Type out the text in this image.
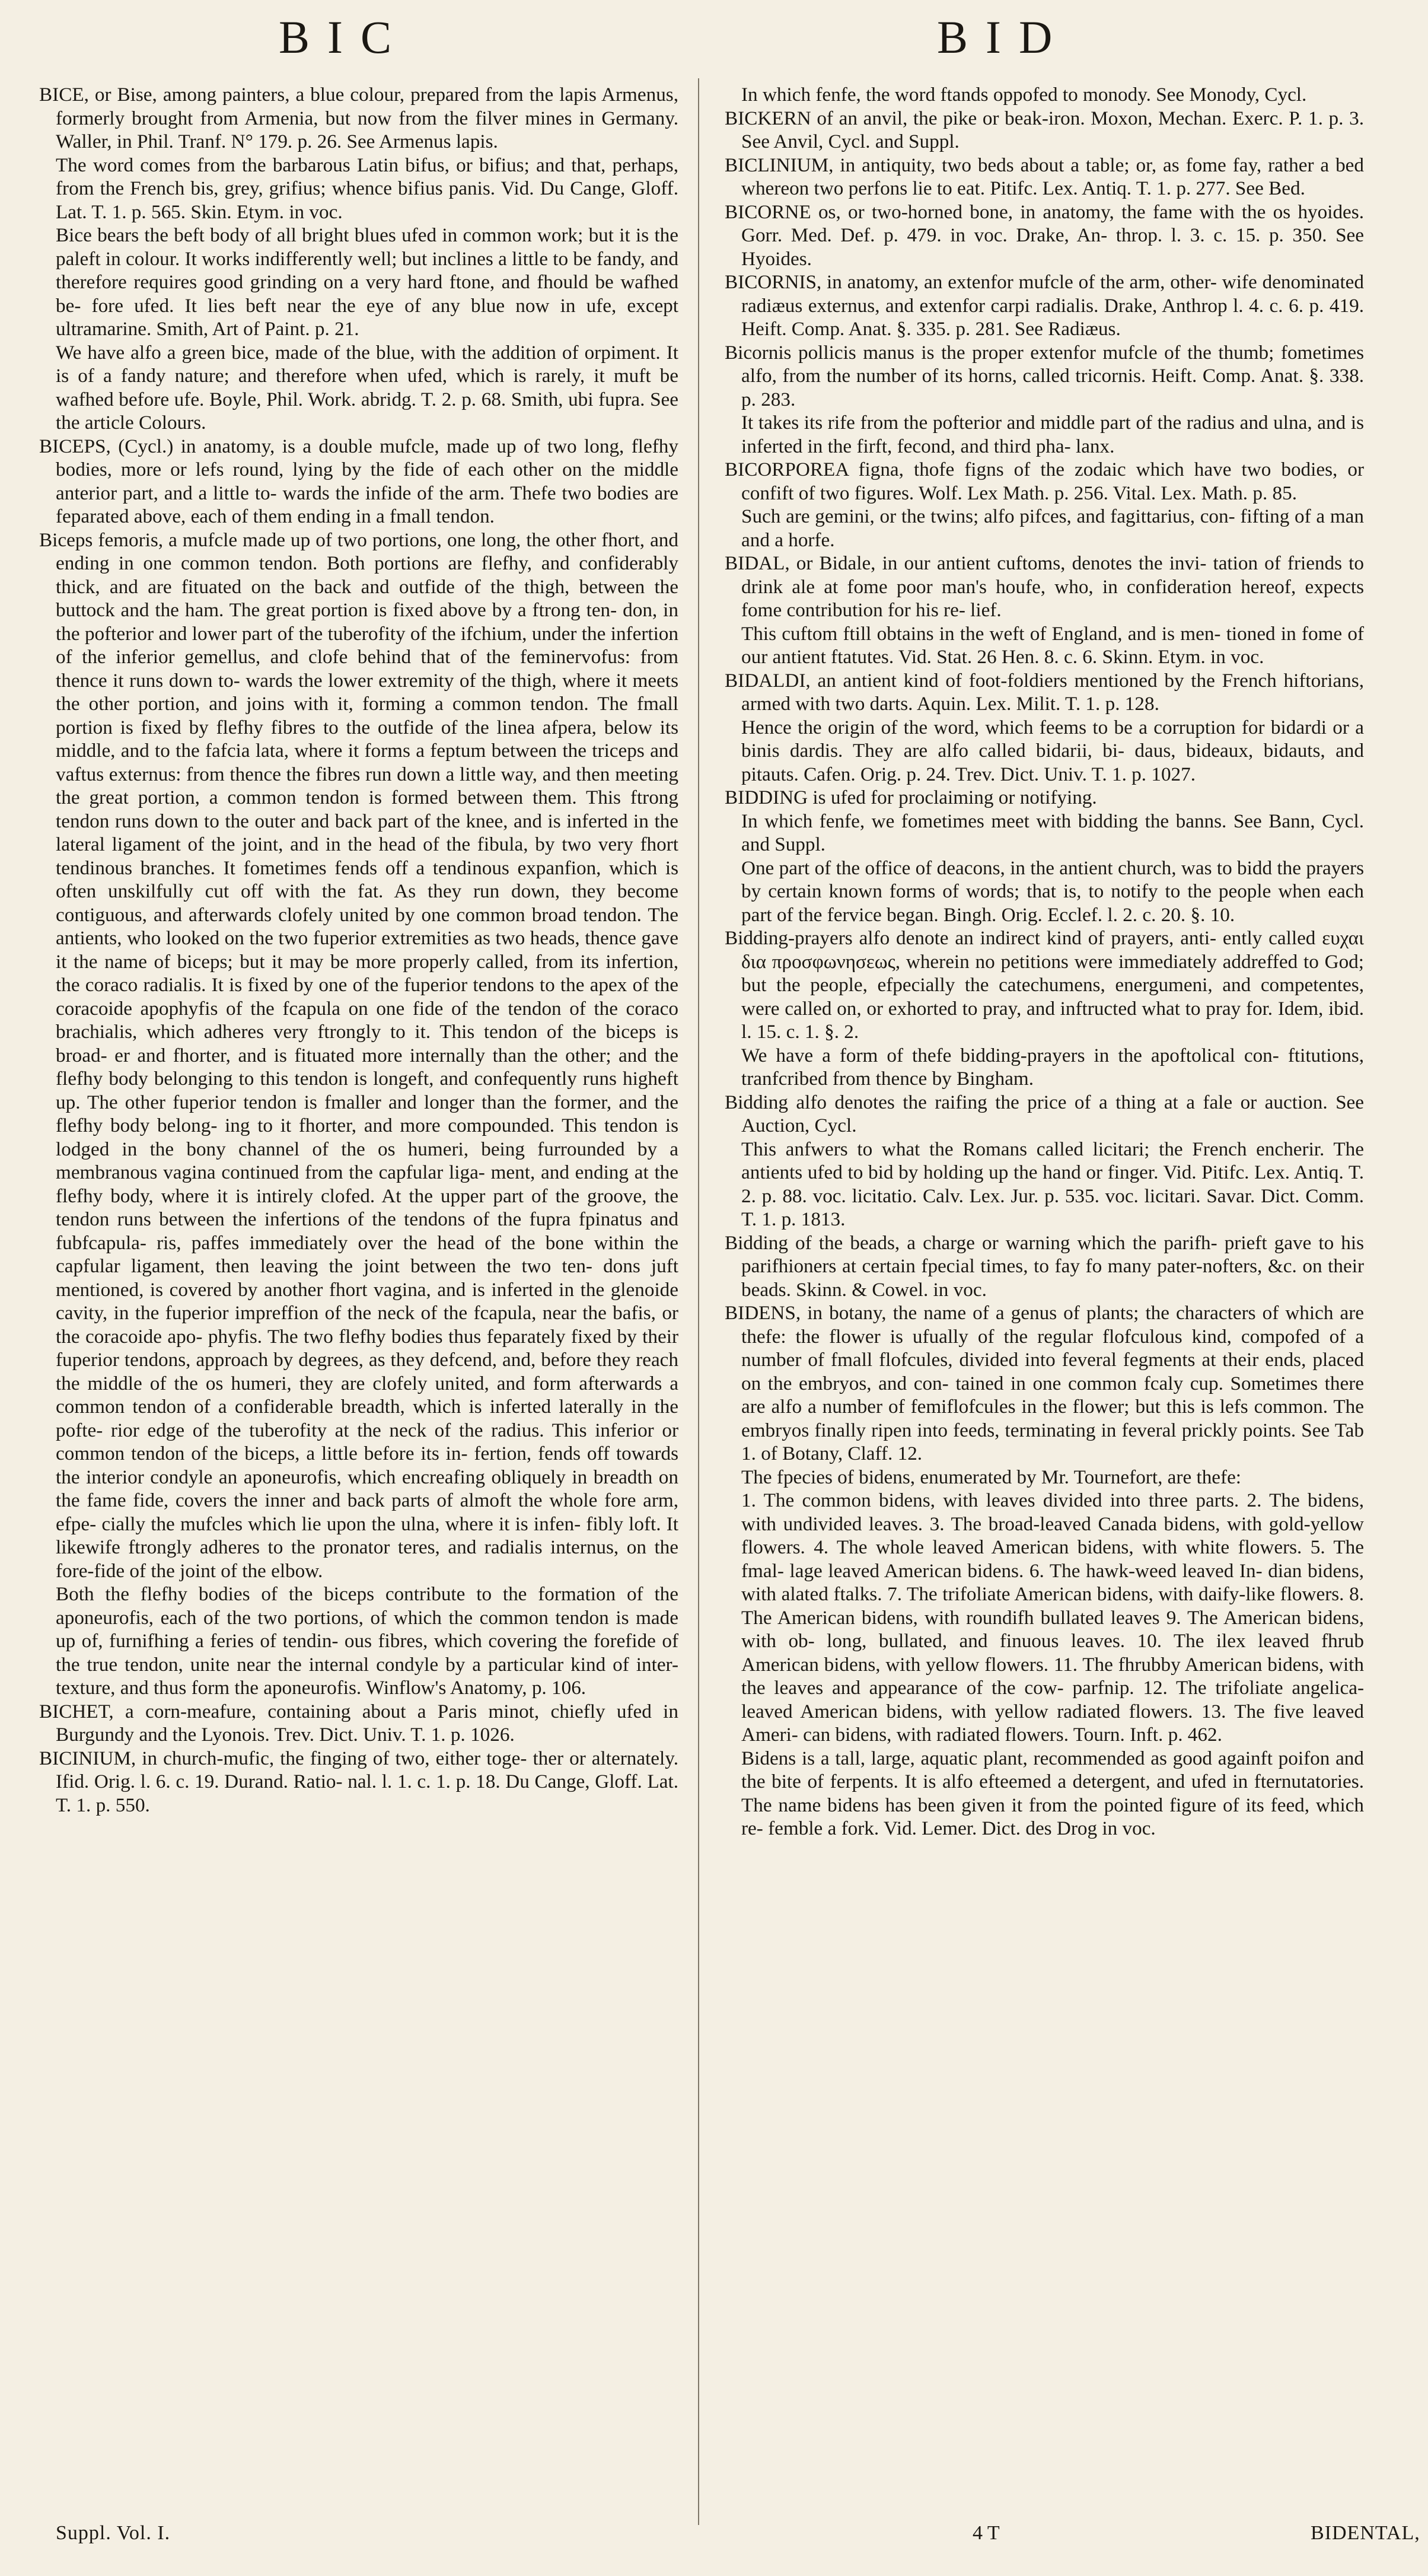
BIC	BID

BICE, or Bise, among painters, a blue colour, prepared from the lapis Armenus, formerly brought from Armenia, but now from the filver mines in Germany. Waller, in Phil. Tranf. N° 179. p. 26. See Armenus lapis.

The word comes from the barbarous Latin bifus, or bifius; and that, perhaps, from the French bis, grey, grifius; whence bifius panis. Vid. Du Cange, Gloff. Lat. T. 1. p. 565. Skin. Etym. in voc.

Bice bears the beft body of all bright blues ufed in common work; but it is the paleft in colour. It works indifferently well; but inclines a little to be fandy, and therefore requires good grinding on a very hard ftone, and fhould be wafhed be- fore ufed. It lies beft near the eye of any blue now in ufe, except ultramarine. Smith, Art of Paint. p. 21.

We have alfo a green bice, made of the blue, with the addition of orpiment. It is of a fandy nature; and therefore when ufed, which is rarely, it muft be wafhed before ufe. Boyle, Phil. Work. abridg. T. 2. p. 68. Smith, ubi fupra. See the article Colours.

BICEPS, (Cycl.) in anatomy, is a double mufcle, made up of two long, flefhy bodies, more or lefs round, lying by the fide of each other on the middle anterior part, and a little to- wards the infide of the arm. Thefe two bodies are feparated above, each of them ending in a fmall tendon.

Biceps femoris, a mufcle made up of two portions, one long, the other fhort, and ending in one common tendon. Both portions are flefhy, and confiderably thick, and are fituated on the back and outfide of the thigh, between the buttock and the ham. The great portion is fixed above by a ftrong ten- don, in the pofterior and lower part of the tuberofity of the ifchium, under the infertion of the inferior gemellus, and clofe behind that of the feminervofus: from thence it runs down to- wards the lower extremity of the thigh, where it meets the other portion, and joins with it, forming a common tendon. The fmall portion is fixed by flefhy fibres to the outfide of the linea afpera, below its middle, and to the fafcia lata, where it forms a feptum between the triceps and vaftus externus: from thence the fibres run down a little way, and then meeting the great portion, a common tendon is formed between them. This ftrong tendon runs down to the outer and back part of the knee, and is inferted in the lateral ligament of the joint, and in the head of the fibula, by two very fhort tendinous branches. It fometimes fends off a tendinous expanfion, which is often unskilfully cut off with the fat. As they run down, they become contiguous, and afterwards clofely united by one common broad tendon. The antients, who looked on the two fuperior extremities as two heads, thence gave it the name of biceps; but it may be more properly called, from its infertion, the coraco radialis. It is fixed by one of the fuperior tendons to the apex of the coracoide apophyfis of the fcapula on one fide of the tendon of the coraco brachialis, which adheres very ftrongly to it. This tendon of the biceps is broad- er and fhorter, and is fituated more internally than the other; and the flefhy body belonging to this tendon is longeft, and confequently runs higheft up. The other fuperior tendon is fmaller and longer than the former, and the flefhy body belong- ing to it fhorter, and more compounded. This tendon is lodged in the bony channel of the os humeri, being furrounded by a membranous vagina continued from the capfular liga- ment, and ending at the flefhy body, where it is intirely clofed. At the upper part of the groove, the tendon runs between the infertions of the tendons of the fupra fpinatus and fubfcapula- ris, paffes immediately over the head of the bone within the capfular ligament, then leaving the joint between the two ten- dons juft mentioned, is covered by another fhort vagina, and is inferted in the glenoide cavity, in the fuperior impreffion of the neck of the fcapula, near the bafis, or the coracoide apo- phyfis. The two flefhy bodies thus feparately fixed by their fuperior tendons, approach by degrees, as they defcend, and, before they reach the middle of the os humeri, they are clofely united, and form afterwards a common tendon of a confiderable breadth, which is inferted laterally in the pofte- rior edge of the tuberofity at the neck of the radius. This inferior or common tendon of the biceps, a little before its in- fertion, fends off towards the interior condyle an aponeurofis, which encreafing obliquely in breadth on the fame fide, covers the inner and back parts of almoft the whole fore arm, efpe- cially the mufcles which lie upon the ulna, where it is infen- fibly loft. It likewife ftrongly adheres to the pronator teres, and radialis internus, on the fore-fide of the joint of the elbow.

Both the flefhy bodies of the biceps contribute to the formation of the aponeurofis, each of the two portions, of which the common tendon is made up of, furnifhing a feries of tendin- ous fibres, which covering the forefide of the true tendon, unite near the internal condyle by a particular kind of inter- texture, and thus form the aponeurofis. Winflow's Anatomy, p. 106.

BICHET, a corn-meafure, containing about a Paris minot, chiefly ufed in Burgundy and the Lyonois. Trev. Dict. Univ. T. 1. p. 1026.

BICINIUM, in church-mufic, the finging of two, either toge- ther or alternately. Ifid. Orig. l. 6. c. 19. Durand. Ratio- nal. l. 1. c. 1. p. 18. Du Cange, Gloff. Lat. T. 1. p. 550.

In which fenfe, the word ftands oppofed to monody. See Monody, Cycl.

BICKERN of an anvil, the pike or beak-iron. Moxon, Mechan. Exerc. P. 1. p. 3. See Anvil, Cycl. and Suppl.

BICLINIUM, in antiquity, two beds about a table; or, as fome fay, rather a bed whereon two perfons lie to eat. Pitifc. Lex. Antiq. T. 1. p. 277. See Bed.

BICORNE os, or two-horned bone, in anatomy, the fame with the os hyoides. Gorr. Med. Def. p. 479. in voc. Drake, An- throp. l. 3. c. 15. p. 350. See Hyoides.

BICORNIS, in anatomy, an extenfor mufcle of the arm, other- wife denominated radiæus externus, and extenfor carpi radialis. Drake, Anthrop l. 4. c. 6. p. 419. Heift. Comp. Anat. §. 335. p. 281. See Radiæus.

Bicornis pollicis manus is the proper extenfor mufcle of the thumb; fometimes alfo, from the number of its horns, called tricornis. Heift. Comp. Anat. §. 338. p. 283.

It takes its rife from the pofterior and middle part of the radius and ulna, and is inferted in the firft, fecond, and third pha- lanx.

BICORPOREA figna, thofe figns of the zodaic which have two bodies, or confift of two figures. Wolf. Lex Math. p. 256. Vital. Lex. Math. p. 85.

Such are gemini, or the twins; alfo pifces, and fagittarius, con- fifting of a man and a horfe.

BIDAL, or Bidale, in our antient cuftoms, denotes the invi- tation of friends to drink ale at fome poor man's houfe, who, in confideration hereof, expects fome contribution for his re- lief.

This cuftom ftill obtains in the weft of England, and is men- tioned in fome of our antient ftatutes. Vid. Stat. 26 Hen. 8. c. 6. Skinn. Etym. in voc.

BIDALDI, an antient kind of foot-foldiers mentioned by the French hiftorians, armed with two darts. Aquin. Lex. Milit. T. 1. p. 128.

Hence the origin of the word, which feems to be a corruption for bidardi or a binis dardis. They are alfo called bidarii, bi- daus, bideaux, bidauts, and pitauts. Cafen. Orig. p. 24. Trev. Dict. Univ. T. 1. p. 1027.

BIDDING is ufed for proclaiming or notifying.

In which fenfe, we fometimes meet with bidding the banns. See Bann, Cycl. and Suppl.

One part of the office of deacons, in the antient church, was to bidd the prayers by certain known forms of words; that is, to notify to the people when each part of the fervice began. Bingh. Orig. Ecclef. l. 2. c. 20. §. 10.

Bidding-prayers alfo denote an indirect kind of prayers, anti- ently called ευχαι δια προσφωνησεως, wherein no petitions were immediately addreffed to God; but the people, efpecially the catechumens, energumeni, and competentes, were called on, or exhorted to pray, and inftructed what to pray for. Idem, ibid. l. 15. c. 1. §. 2.

We have a form of thefe bidding-prayers in the apoftolical con- ftitutions, tranfcribed from thence by Bingham.

Bidding alfo denotes the raifing the price of a thing at a fale or auction. See Auction, Cycl.

This anfwers to what the Romans called licitari; the French encherir. The antients ufed to bid by holding up the hand or finger. Vid. Pitifc. Lex. Antiq. T. 2. p. 88. voc. licitatio. Calv. Lex. Jur. p. 535. voc. licitari. Savar. Dict. Comm. T. 1. p. 1813.

Bidding of the beads, a charge or warning which the parifh- prieft gave to his parifhioners at certain fpecial times, to fay fo many pater-nofters, &c. on their beads. Skinn. & Cowel. in voc.

BIDENS, in botany, the name of a genus of plants; the characters of which are thefe: the flower is ufually of the regular flofculous kind, compofed of a number of fmall flofcules, divided into feveral fegments at their ends, placed on the embryos, and con- tained in one common fcaly cup. Sometimes there are alfo a number of femiflofcules in the flower; but this is lefs common. The embryos finally ripen into feeds, terminating in feveral prickly points. See Tab 1. of Botany, Claff. 12.

The fpecies of bidens, enumerated by Mr. Tournefort, are thefe:

1. The common bidens, with leaves divided into three parts. 2. The bidens, with undivided leaves. 3. The broad-leaved Canada bidens, with gold-yellow flowers. 4. The whole leaved American bidens, with white flowers. 5. The fmal- lage leaved American bidens. 6. The hawk-weed leaved In- dian bidens, with alated ftalks. 7. The trifoliate American bidens, with daify-like flowers. 8. The American bidens, with roundifh bullated leaves 9. The American bidens, with ob- long, bullated, and finuous leaves. 10. The ilex leaved fhrub American bidens, with yellow flowers. 11. The fhrubby American bidens, with the leaves and appearance of the cow- parfnip. 12. The trifoliate angelica-leaved American bidens, with yellow radiated flowers. 13. The five leaved Ameri- can bidens, with radiated flowers. Tourn. Inft. p. 462.

Bidens is a tall, large, aquatic plant, recommended as good againft poifon and the bite of ferpents. It is alfo efteemed a detergent, and ufed in fternutatories. The name bidens has been given it from the pointed figure of its feed, which re- femble a fork. Vid. Lemer. Dict. des Drog in voc.

Suppl. Vol. I.	4 T	BIDENTAL,
